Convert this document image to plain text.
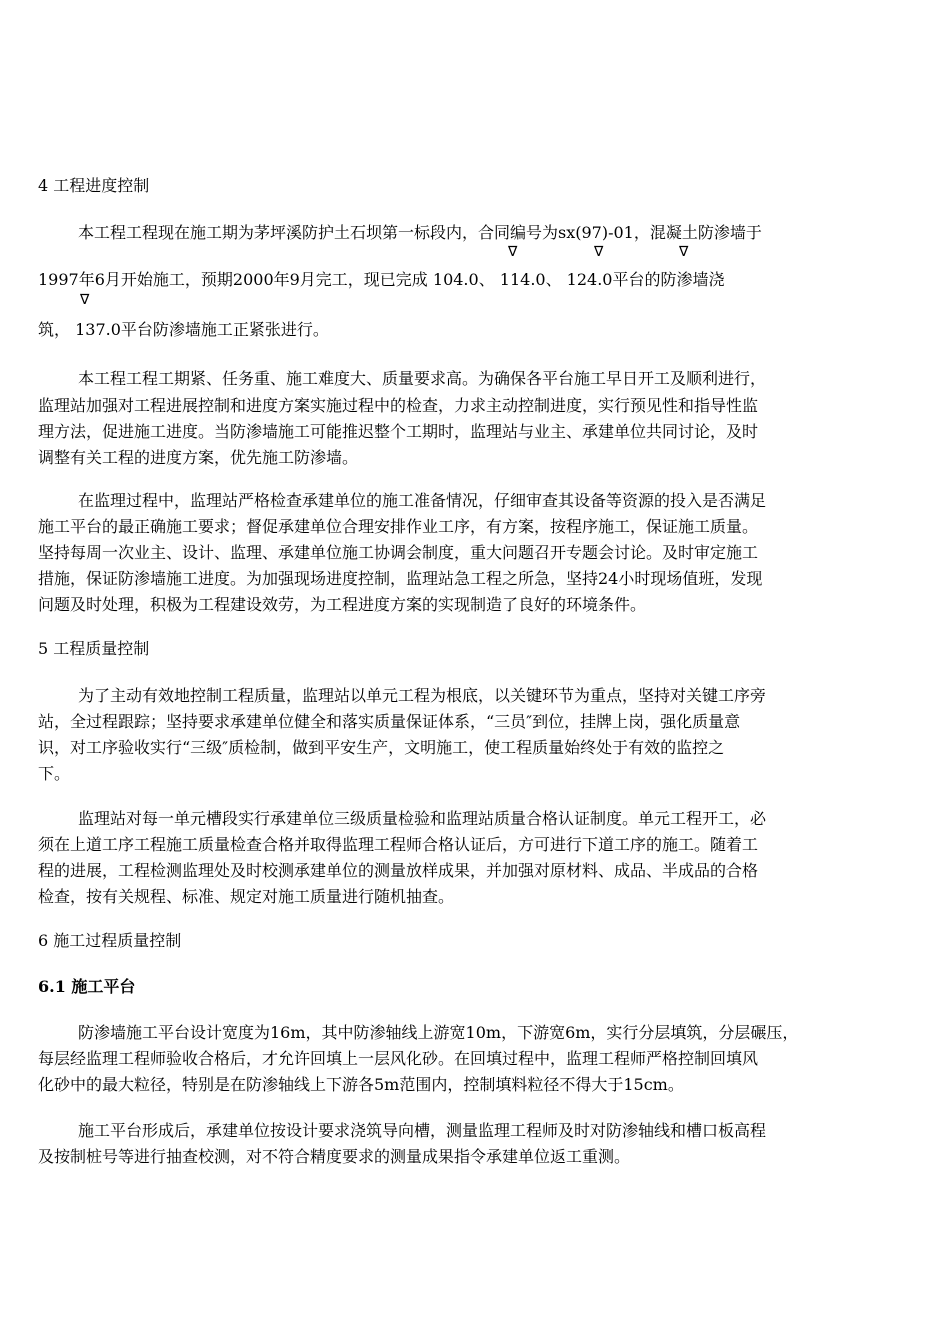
4 工程进度控制
本工程工程现在施工期为茅坪溪防护土石坝第一标段内，合同编号为sx(97)-01，混凝土防渗墙于
∇	∇	∇
1997年6月开始施工，预期2000年9月完工，现已完成 104.0、 114.0、 124.0平台的防渗墙浇
∇
筑， 137.0平台防渗墙施工正紧张进行。
本工程工程工期紧、任务重、施工难度大、质量要求高。为确保各平台施工早日开工及顺利进行，
监理站加强对工程进展控制和进度方案实施过程中的检查，力求主动控制进度，实行预见性和指导性监
理方法，促进施工进度。当防渗墙施工可能推迟整个工期时，监理站与业主、承建单位共同讨论，及时
调整有关工程的进度方案，优先施工防渗墙。
在监理过程中，监理站严格检查承建单位的施工准备情况，仔细审查其设备等资源的投入是否满足
施工平台的最正确施工要求；督促承建单位合理安排作业工序，有方案，按程序施工，保证施工质量。
坚持每周一次业主、设计、监理、承建单位施工协调会制度，重大问题召开专题会讨论。及时审定施工
措施，保证防渗墙施工进度。为加强现场进度控制，监理站急工程之所急，坚持24小时现场值班，发现
问题及时处理，积极为工程建设效劳，为工程进度方案的实现制造了良好的环境条件。
5 工程质量控制
为了主动有效地控制工程质量，监理站以单元工程为根底，以关键环节为重点，坚持对关键工序旁
站，全过程跟踪；坚持要求承建单位健全和落实质量保证体系，“三员″到位，挂牌上岗，强化质量意
识，对工序验收实行“三级″质检制，做到平安生产，文明施工，使工程质量始终处于有效的监控之
下。
监理站对每一单元槽段实行承建单位三级质量检验和监理站质量合格认证制度。单元工程开工，必
须在上道工序工程施工质量检查合格并取得监理工程师合格认证后，方可进行下道工序的施工。随着工
程的进展，工程检测监理处及时校测承建单位的测量放样成果，并加强对原材料、成品、半成品的合格
检查，按有关规程、标准、规定对施工质量进行随机抽查。
6 施工过程质量控制
6.1 施工平台
防渗墙施工平台设计宽度为16m，其中防渗轴线上游宽10m，下游宽6m，实行分层填筑，分层碾压，
每层经监理工程师验收合格后，才允许回填上一层风化砂。在回填过程中，监理工程师严格控制回填风
化砂中的最大粒径，特别是在防渗轴线上下游各5m范围内，控制填料粒径不得大于15cm。
施工平台形成后，承建单位按设计要求浇筑导向槽，测量监理工程师及时对防渗轴线和槽口板高程
及按制桩号等进行抽查校测，对不符合精度要求的测量成果指令承建单位返工重测。
